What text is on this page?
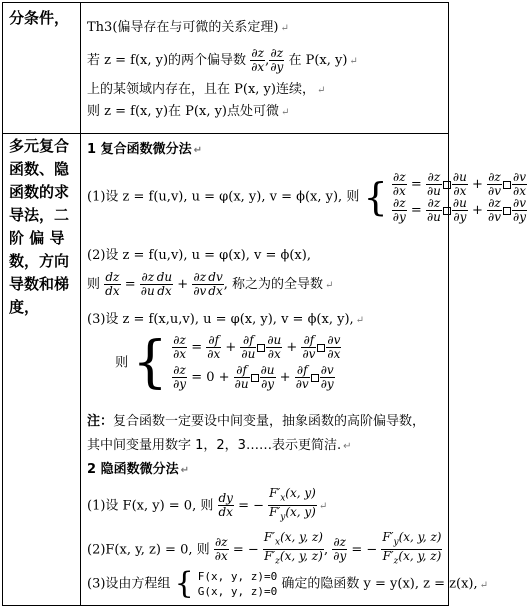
分条件，
多元复合
函数、隐
函数的求
导法，二
阶 偏 导
数，方向
导数和梯
度，
Th3(偏导存在与可微的关系定理) ↵
若 z = f(x, y)的两个偏导数 $\frac{\partial z}{\partial x}$ , $\frac{\partial z}{\partial y}$ 在 P(x, y) ↵
上的某领域内存在，且在 P(x, y)连续， ↵
则 z = f(x, y)在 P(x, y)点处可微 ↵
1 复合函数微分法 ↵
(1)设 z = f(u,v), u = φ(x, y), v = ϕ(x, y), 则 { $\frac{\partial z}{\partial x} = \frac{\partial z}{\partial u} \frac{\partial u}{\partial x} + \frac{\partial z}{\partial v} \frac{\partial v}{\partial x}$
$\frac{\partial z}{\partial y} = \frac{\partial z}{\partial u} \frac{\partial u}{\partial y} + \frac{\partial z}{\partial v} \frac{\partial v}{\partial y}$
(2)设 z = f(u,v), u = φ(x), v = ϕ(x),
则 $\frac{dz}{dx} = \frac{\partial z}{\partial u} \frac{du}{dx} + \frac{\partial z}{\partial v} \frac{dv}{dx}$ , 称之为的全导数 ↵
(3)设 z = f(x,u,v), u = φ(x, y), v = ϕ(x, y), ↵
则 { $\frac{\partial z}{\partial x} = \frac{\partial f}{\partial x} + \frac{\partial f}{\partial u} \frac{\partial u}{\partial x} + \frac{\partial f}{\partial v} \frac{\partial v}{\partial x}$
$\frac{\partial z}{\partial y} = 0 + \frac{\partial f}{\partial u} \frac{\partial u}{\partial y} + \frac{\partial f}{\partial v} \frac{\partial v}{\partial y}$
注：复合函数一定要设中间变量，抽象函数的高阶偏导数，
其中间变量用数字 1，2，3……表示更简洁. ↵
2 隐函数微分法 ↵
(1)设 F(x, y) = 0, 则 $\frac{dy}{dx}$ = − $\frac{F'_x(x, y)}{F'_y(x, y)}$ ↵
(2)F(x, y, z) = 0, 则 $\frac{\partial z}{\partial x}$ = − $\frac{F'_x(x, y, z)}{F'_z(x, y, z)}$ , $\frac{\partial z}{\partial y}$ = − $\frac{F'_y(x, y, z)}{F'_z(x, y, z)}$
(3)设由方程组 { F(x, y, z)=0
G(x, y, z)=0 确定的隐函数 y = y(x), z = z(x), ↵
